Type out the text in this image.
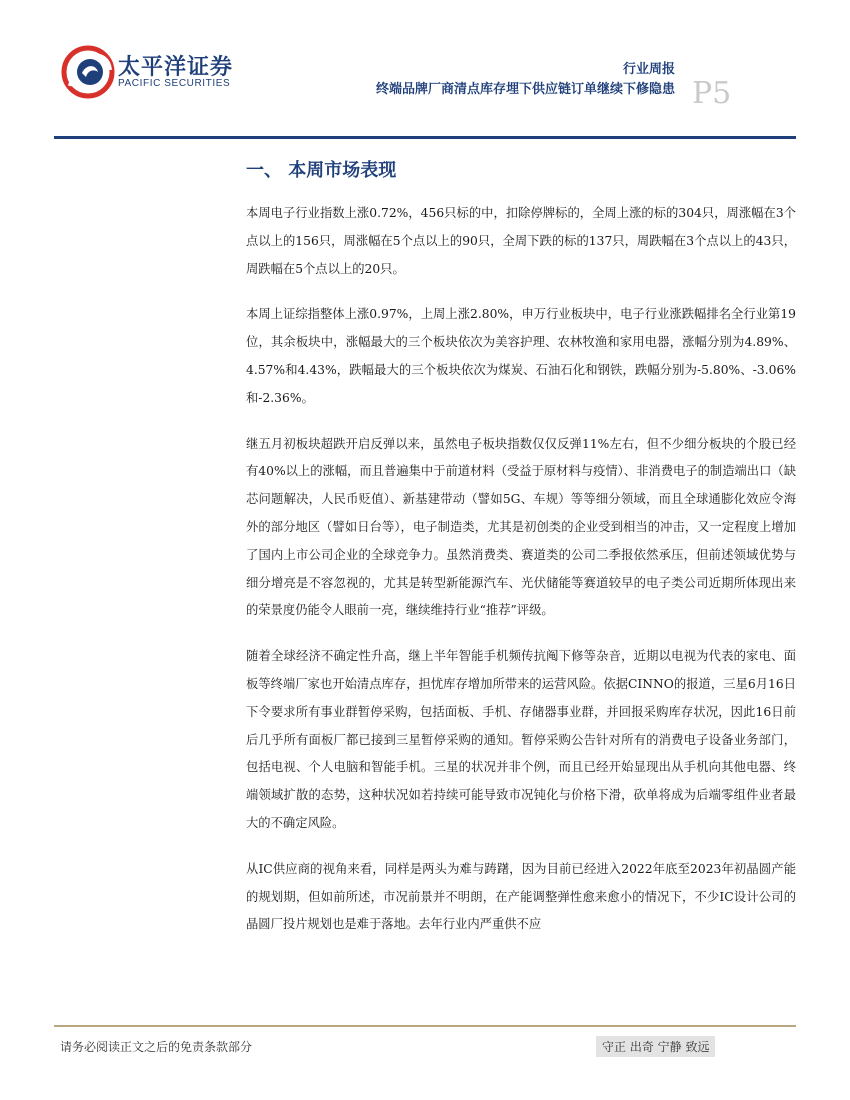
太平洋证券
PACIFIC SECURITIES
行业周报
终端品牌厂商清点库存埋下供应链订单继续下修隐患 P5
一、 本周市场表现

本周电子行业指数上涨0.72%，456只标的中，扣除停牌标的，全周上涨的标的304只，周涨幅在3个点以上的156只，周涨幅在5个点以上的90只，全周下跌的标的137只，周跌幅在3个点以上的43只，周跌幅在5个点以上的20只。

本周上证综指整体上涨0.97%，上周上涨2.80%，申万行业板块中，电子行业涨跌幅排名全行业第19位，其余板块中，涨幅最大的三个板块依次为美容护理、农林牧渔和家用电器，涨幅分别为4.89%、4.57%和4.43%，跌幅最大的三个板块依次为煤炭、石油石化和钢铁，跌幅分别为-5.80%、-3.06%和-2.36%。

继五月初板块超跌开启反弹以来，虽然电子板块指数仅仅反弹11%左右，但不少细分板块的个股已经有40%以上的涨幅，而且普遍集中于前道材料（受益于原材料与疫情）、非消费电子的制造端出口（缺芯问题解决，人民币贬值）、新基建带动（譬如5G、车规）等等细分领域，而且全球通膨化效应令海外的部分地区（譬如日台等），电子制造类，尤其是初创类的企业受到相当的冲击，又一定程度上增加了国内上市公司企业的全球竞争力。虽然消费类、赛道类的公司二季报依然承压，但前述领域优势与细分增亮是不容忽视的，尤其是转型新能源汽车、光伏储能等赛道较早的电子类公司近期所体现出来的荣景度仍能令人眼前一亮，继续维持行业“推荐”评级。

随着全球经济不确定性升高，继上半年智能手机频传抗阄下修等杂音，近期以电视为代表的家电、面板等终端厂家也开始清点库存，担忧库存增加所带来的运营风险。依据CINNO的报道，三星6月16日下令要求所有事业群暂停采购，包括面板、手机、存储器事业群，并回报采购库存状况，因此16日前后几乎所有面板厂都已接到三星暂停采购的通知。暂停采购公告针对所有的消费电子设备业务部门，包括电视、个人电脑和智能手机。三星的状况并非个例，而且已经开始显现出从手机向其他电器、终端领域扩散的态势，这种状况如若持续可能导致市况钝化与价格下滑，砍单将成为后端零组件业者最大的不确定风险。

从IC供应商的视角来看，同样是两头为难与踌躇，因为目前已经进入2022年底至2023年初晶圆产能的规划期，但如前所述，市况前景并不明朗，在产能调整弹性愈来愈小的情况下，不少IC设计公司的晶圆厂投片规划也是难于落地。去年行业内严重供不应

请务必阅读正文之后的免责条款部分	守正 出奇 宁静 致远
